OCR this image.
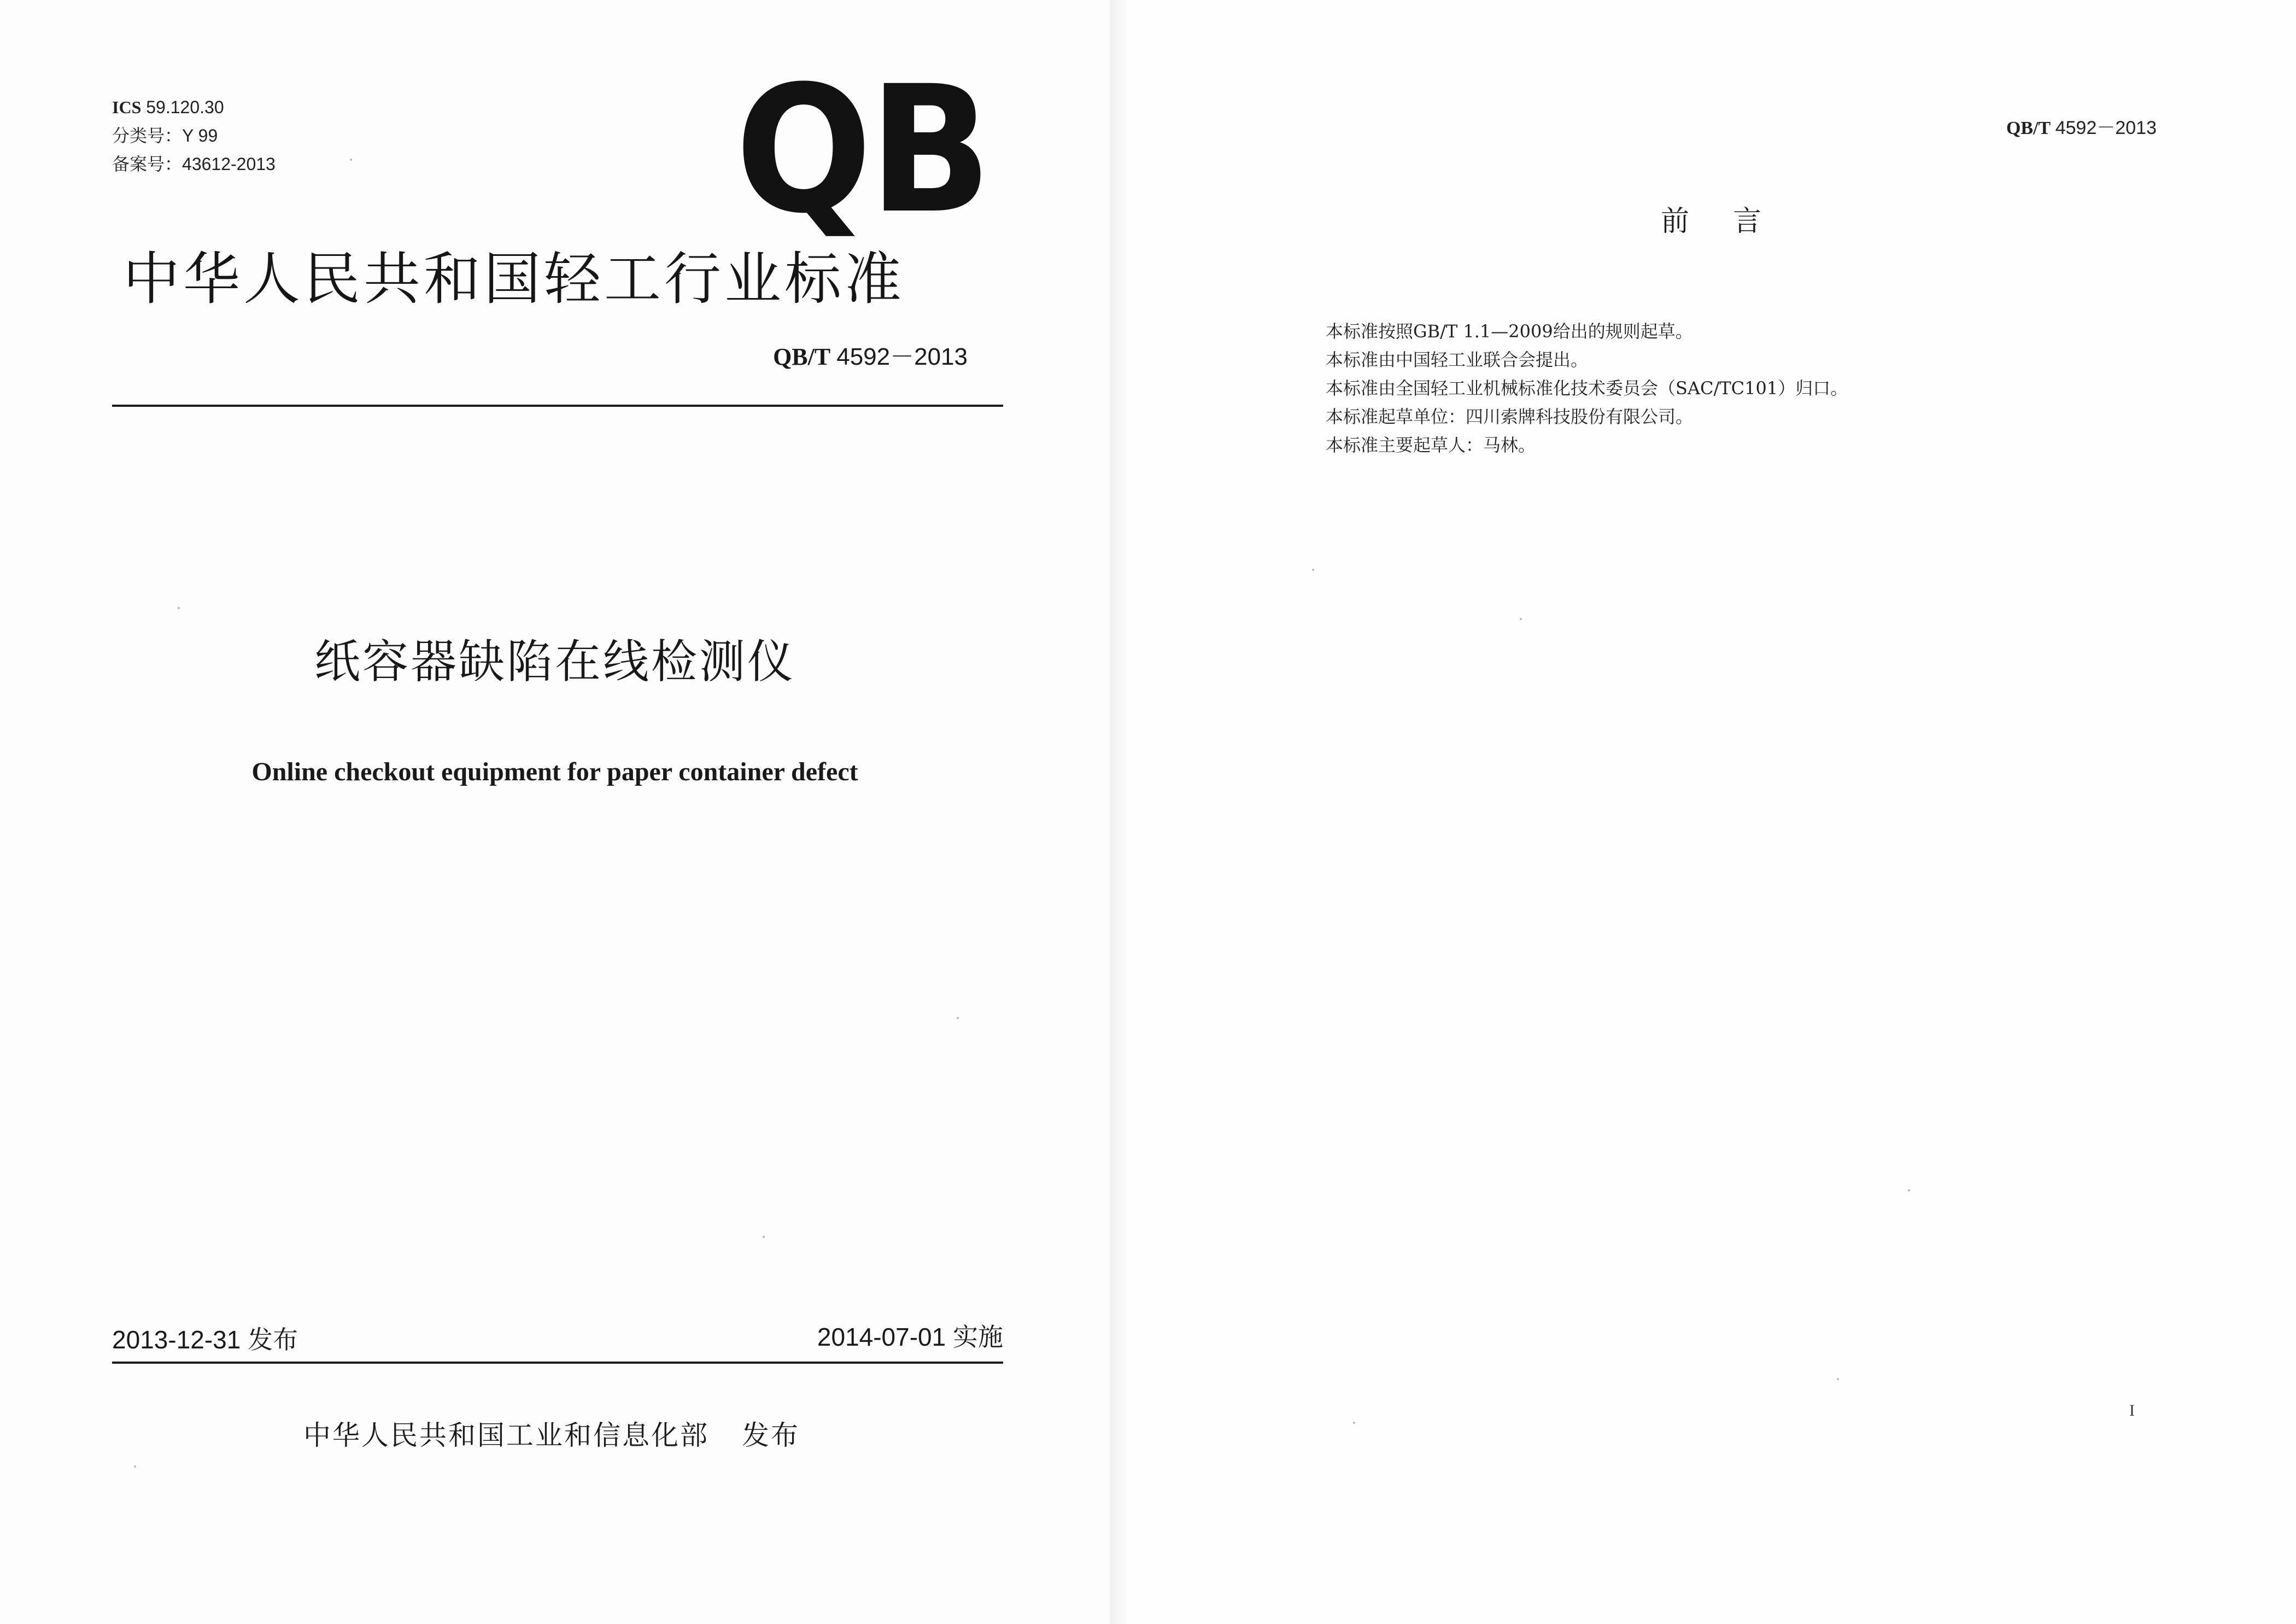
ICS 59.120.30
分类号：Y 99
备案号：43612-2013	QB
中华人民共和国轻工行业标准
QB/T 4592－2013
纸容器缺陷在线检测仪
Online checkout equipment for paper container defect
2013-12-31 发布	2014-07-01 实施
中华人民共和国工业和信息化部 发布
QB/T 4592－2013
前言
本标准按照GB/T 1.1—2009给出的规则起草。
本标准由中国轻工业联合会提出。
本标准由全国轻工业机械标准化技术委员会（SAC/TC101）归口。
本标准起草单位：四川索牌科技股份有限公司。
本标准主要起草人：马林。
I
